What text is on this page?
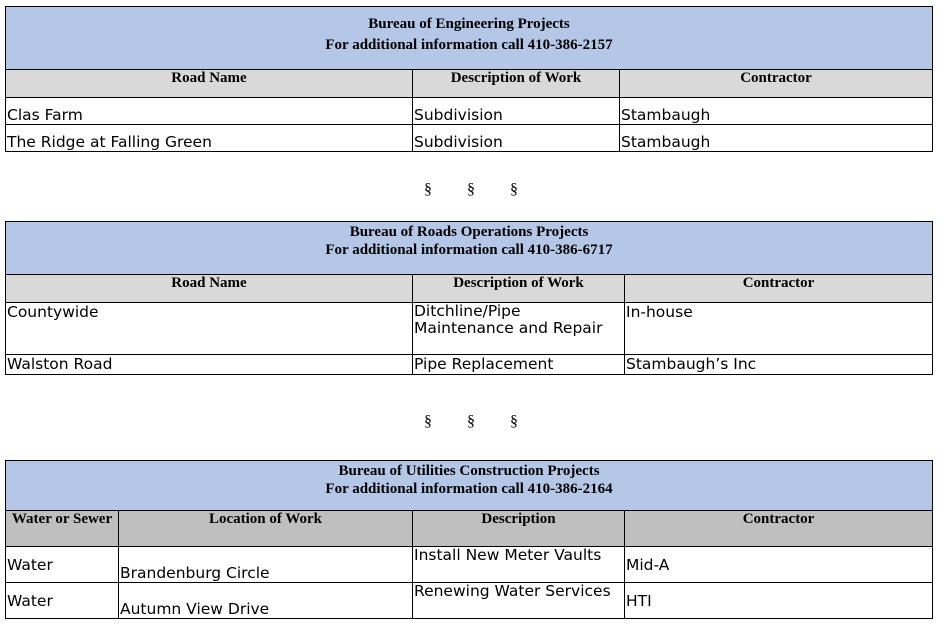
Bureau of Engineering Projects
For additional information call 410-386-2157		

Road Name	Description of Work	Contractor
Clas Farm	Subdivision	Stambaugh
The Ridge at Falling Green	Subdivision	Stambaugh
§ § §
Bureau of Roads Operations Projects
For additional information call 410-386-6717		

Road Name	Description of Work	Contractor
Countywide	Ditchline/Pipe Maintenance and Repair	In-house
Walston Road	Pipe Replacement	Stambaugh’s Inc
§ § §
Bureau of Utilities Construction Projects
For additional information call 410-386-2164			

Water or Sewer	Location of Work	Description	Contractor
Water	Brandenburg Circle	Install New Meter Vaults	Mid-A
Water	Autumn View Drive	Renewing Water Services	HTI
